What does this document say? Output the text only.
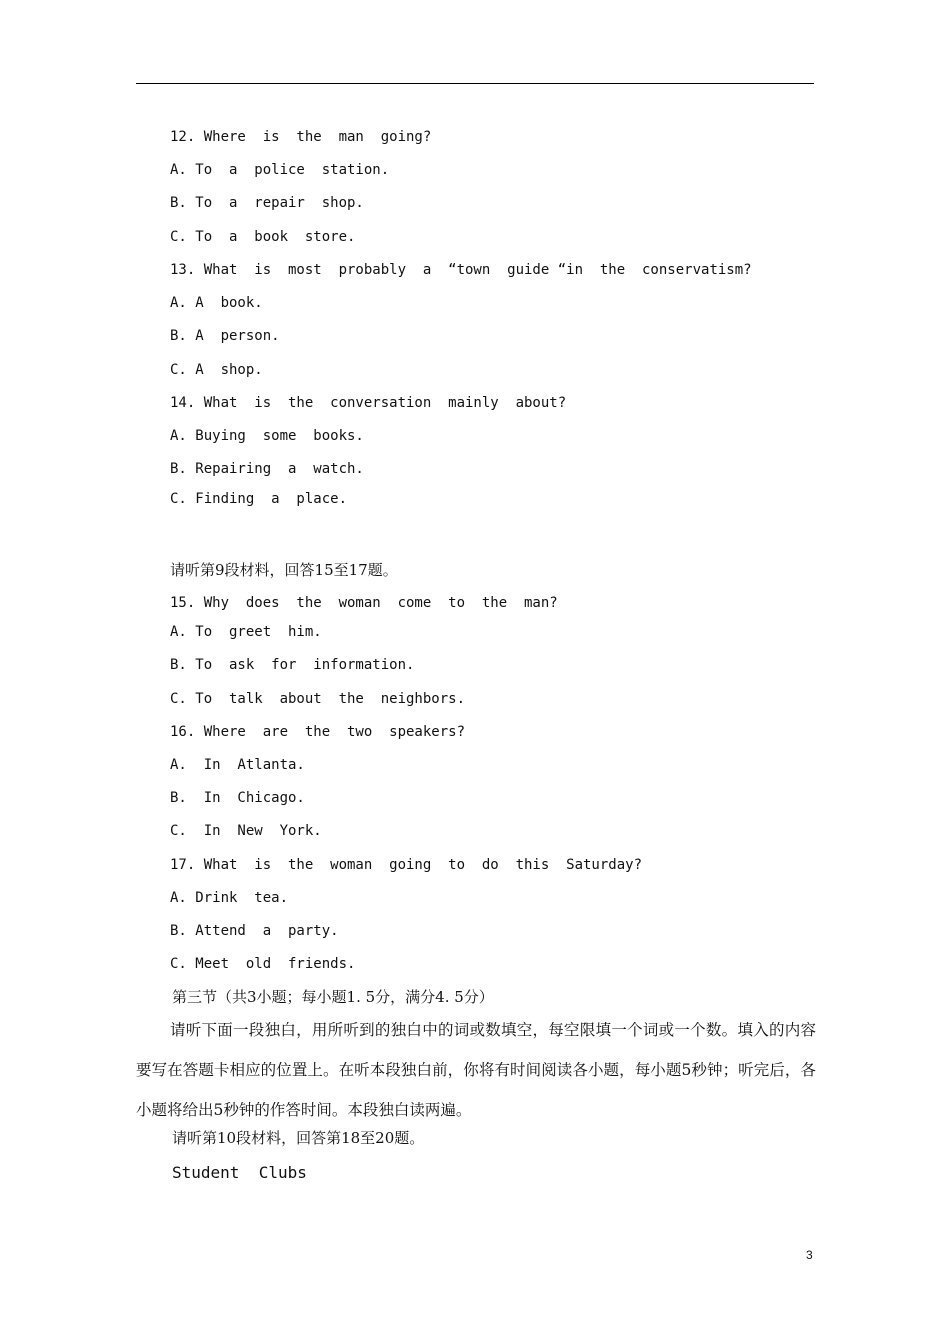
12. Where  is  the  man  going?

A. To  a  police  station.

B. To  a  repair  shop.

C. To  a  book  store.

13. What  is  most  probably  a  “town  guide “in  the  conservatism?

A. A  book.

B. A  person.

C. A  shop.

14. What  is  the  conversation  mainly  about?

A. Buying  some  books.

B. Repairing  a  watch.

C. Finding  a  place.

请听第9段材料，回答15至17题。

15. Why  does  the  woman  come  to  the  man?

A. To  greet  him.

B. To  ask  for  information.

C. To  talk  about  the  neighbors.

16. Where  are  the  two  speakers?

A.  In  Atlanta.

B.  In  Chicago.

C.  In  New  York.

17. What  is  the  woman  going  to  do  this  Saturday?

A. Drink  tea.

B. Attend  a  party.

C. Meet  old  friends.

第三节（共3小题；每小题1. 5分，满分4. 5分）

请听下面一段独白，用所听到的独白中的词或数填空，每空限填一个词或一个数。填入的内容要写在答题卡相应的位置上。在听本段独白前，你将有时间阅读各小题，每小题5秒钟；听完后，各小题将给出5秒钟的作答时间。本段独白读两遍。

请听第10段材料，回答第18至20题。

Student  Clubs

3
